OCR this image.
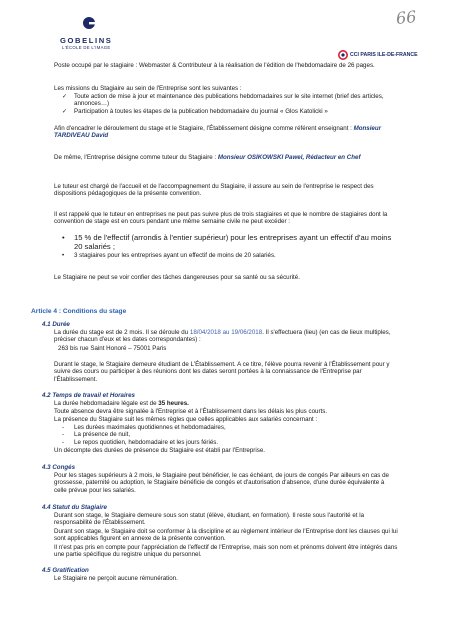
66
GOBELINS
L'ÉCOLE DE L'IMAGE
CCI PARIS ILE-DE-FRANCE
Poste occupé par le stagiaire : Webmaster & Contributeur à la réalisation de l'édition de l'hebdomadaire de 26 pages.
Les missions du Stagiaire au sein de l'Entreprise sont les suivantes :
✓	Toute action de mise à jour et maintenance des publications hebdomadaires sur le site internet (brief des articles, annonces…)
✓	Participation à toutes les étapes de la publication hebdomadaire du journal « Glos Katolicki »
Afin d'encadrer le déroulement du stage et le Stagiaire, l'Établissement désigne comme référent enseignant : Monsieur TARDIVEAU David
De même, l'Entreprise désigne comme tuteur du Stagiaire : Monsieur OSIKOWSKI Pawel, Rédacteur en Chef
Le tuteur est chargé de l'accueil et de l'accompagnement du Stagiaire, il assure au sein de l'entreprise le respect des dispositions pédagogiques de la présente convention.
Il est rappelé que le tuteur en entreprises ne peut pas suivre plus de trois stagiaires et que le nombre de stagiaires dont la convention de stage est en cours pendant une même semaine civile ne peut excéder :
•	15 % de l'effectif (arrondis à l'entier supérieur) pour les entreprises ayant un effectif d'au moins 20 salariés ;
•	3 stagiaires pour les entreprises ayant un effectif de moins de 20 salariés.
Le Stagiaire ne peut se voir confier des tâches dangereuses pour sa santé ou sa sécurité.
Article 4 : Conditions du stage
4.1 Durée
La durée du stage est de 2 mois. Il se déroule du 18/04/2018 au 19/06/2018. Il s'effectuera (lieu) (en cas de lieux multiples, préciser chacun d'eux et les dates correspondantes) :
263 bis rue Saint Honoré – 75001 Paris
Durant le stage, le Stagiaire demeure étudiant de L'Établissement. A ce titre, l'élève pourra revenir à l'Établissement pour y suivre des cours ou participer à des réunions dont les dates seront portées à la connaissance de l'Entreprise par l'Établissement.
4.2 Temps de travail et Horaires
La durée hebdomadaire légale est de 35 heures.
Toute absence devra être signalée à l'Entreprise et à l'Établissement dans les délais les plus courts.
La présence du Stagiaire suit les mêmes règles que celles applicables aux salariés concernant :
-	Les durées maximales quotidiennes et hebdomadaires,
-	La présence de nuit,
-	Le repos quotidien, hebdomadaire et les jours fériés.
Un décompte des durées de présence du Stagiaire est établi par l'Entreprise.
4.3 Congés
Pour les stages supérieurs à 2 mois, le Stagiaire peut bénéficier, le cas échéant, de jours de congés Par ailleurs en cas de grossesse, paternité ou adoption, le Stagiaire bénéficie de congés et d'autorisation d'absence, d'une durée équivalente à celle prévue pour les salariés.
4.4 Statut du Stagiaire
Durant son stage, le Stagiaire demeure sous son statut (élève, étudiant, en formation). Il reste sous l'autorité et la responsabilité de l'Établissement.
Durant son stage, le Stagiaire doit se conformer à la discipline et au règlement intérieur de l'Entreprise dont les clauses qui lui sont applicables figurent en annexe de la présente convention.
Il n'est pas pris en compte pour l'appréciation de l'effectif de l'Entreprise, mais son nom et prénoms doivent être intégrés dans une partie spécifique du registre unique du personnel.
4.5 Gratification
Le Stagiaire ne perçoit aucune rémunération.
